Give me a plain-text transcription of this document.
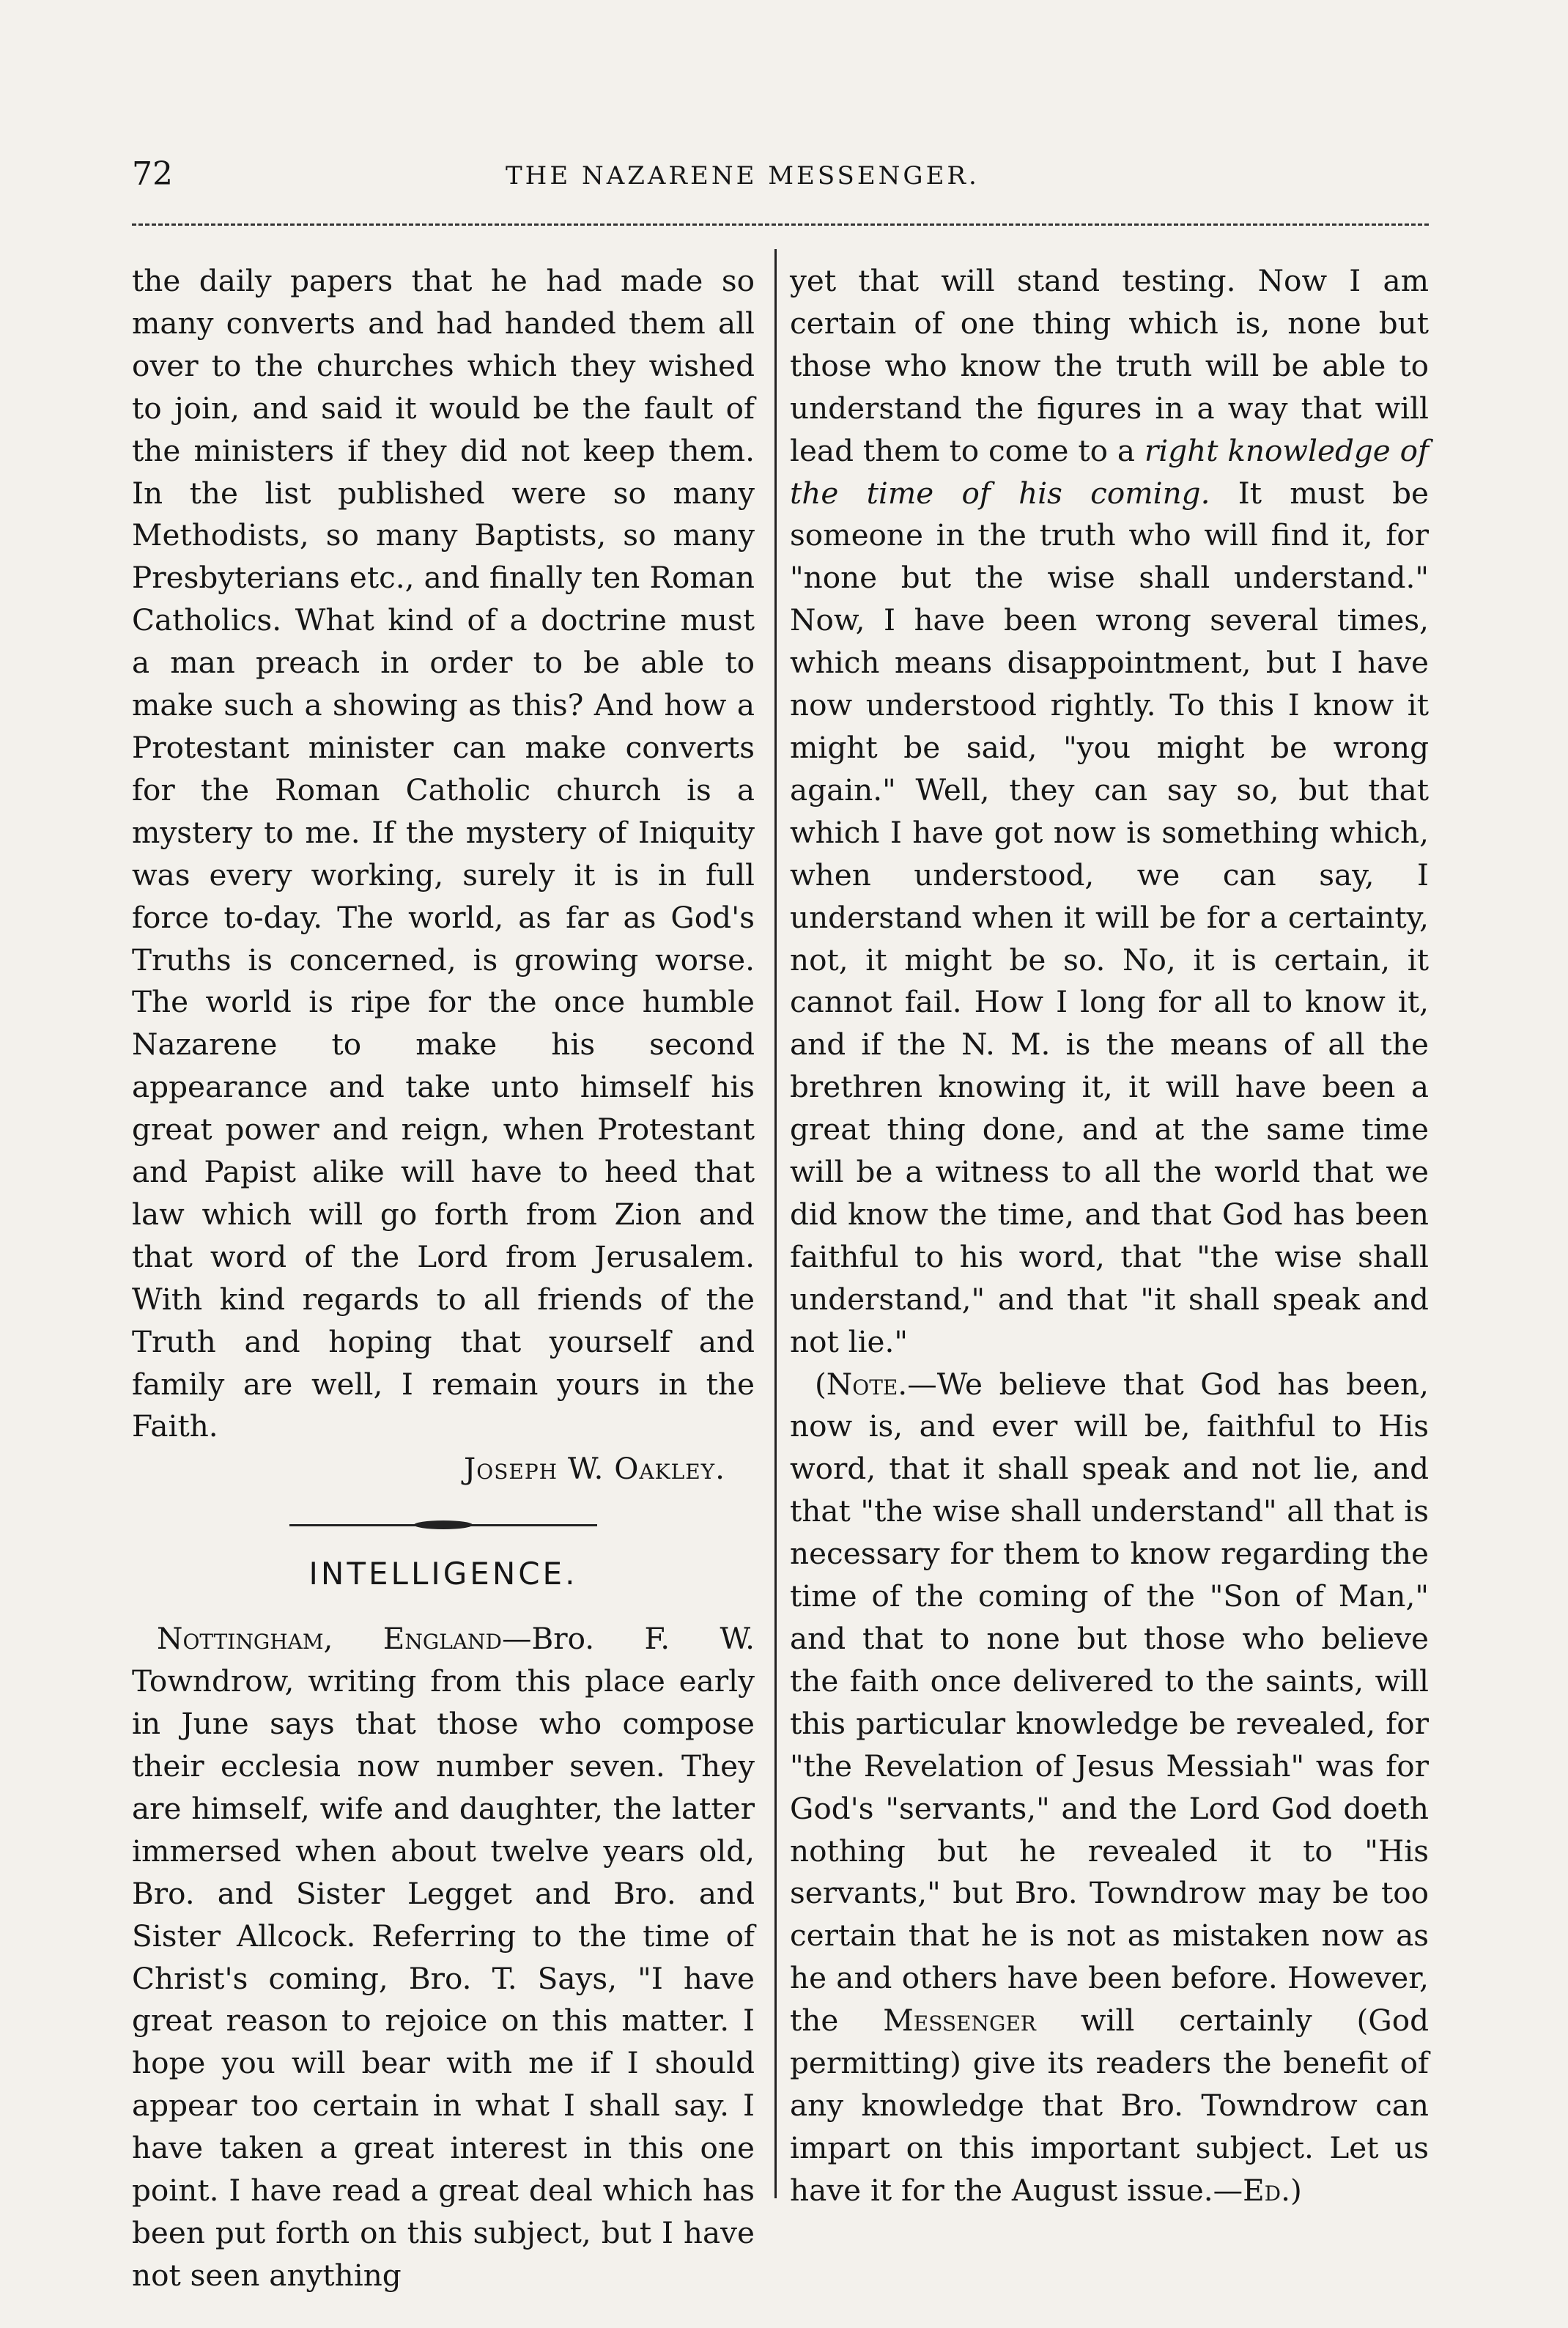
72	THE NAZARENE MESSENGER.

the daily papers that he had made so many converts and had handed them all over to the churches which they wished to join, and said it would be the fault of the ministers if they did not keep them. In the list published were so many Methodists, so many Baptists, so many Presbyterians etc., and finally ten Roman Catholics. What kind of a doctrine must a man preach in order to be able to make such a showing as this? And how a Protestant minister can make converts for the Roman Catholic church is a mystery to me. If the mystery of Iniquity was every working, surely it is in full force to-day. The world, as far as God's Truths is concerned, is growing worse. The world is ripe for the once humble Nazarene to make his second appearance and take unto himself his great power and reign, when Protestant and Papist alike will have to heed that law which will go forth from Zion and that word of the Lord from Jerusalem. With kind regards to all friends of the Truth and hoping that yourself and family are well, I remain yours in the Faith.

Joseph W. Oakley.

INTELLIGENCE.

Nottingham, England—Bro. F. W. Towndrow, writing from this place early in June says that those who compose their ecclesia now number seven. They are himself, wife and daughter, the latter immersed when about twelve years old, Bro. and Sister Legget and Bro. and Sister Allcock. Referring to the time of Christ's coming, Bro. T. Says, "I have great reason to rejoice on this matter. I hope you will bear with me if I should appear too certain in what I shall say. I have taken a great interest in this one point. I have read a great deal which has been put forth on this subject, but I have not seen anything

yet that will stand testing. Now I am certain of one thing which is, none but those who know the truth will be able to understand the figures in a way that will lead them to come to a right knowledge of the time of his coming. It must be someone in the truth who will find it, for "none but the wise shall understand." Now, I have been wrong several times, which means disappointment, but I have now understood rightly. To this I know it might be said, "you might be wrong again." Well, they can say so, but that which I have got now is something which, when understood, we can say, I understand when it will be for a certainty, not, it might be so. No, it is certain, it cannot fail. How I long for all to know it, and if the N. M. is the means of all the brethren knowing it, it will have been a great thing done, and at the same time will be a witness to all the world that we did know the time, and that God has been faithful to his word, that "the wise shall understand," and that "it shall speak and not lie."

(Note.—We believe that God has been, now is, and ever will be, faithful to His word, that it shall speak and not lie, and that "the wise shall understand" all that is necessary for them to know regarding the time of the coming of the "Son of Man," and that to none but those who believe the faith once delivered to the saints, will this particular knowledge be revealed, for "the Revelation of Jesus Messiah" was for God's "servants," and the Lord God doeth nothing but he revealed it to "His servants," but Bro. Towndrow may be too certain that he is not as mistaken now as he and others have been before. However, the Messenger will certainly (God permitting) give its readers the benefit of any knowledge that Bro. Towndrow can impart on this important subject. Let us have it for the August issue.—Ed.)
